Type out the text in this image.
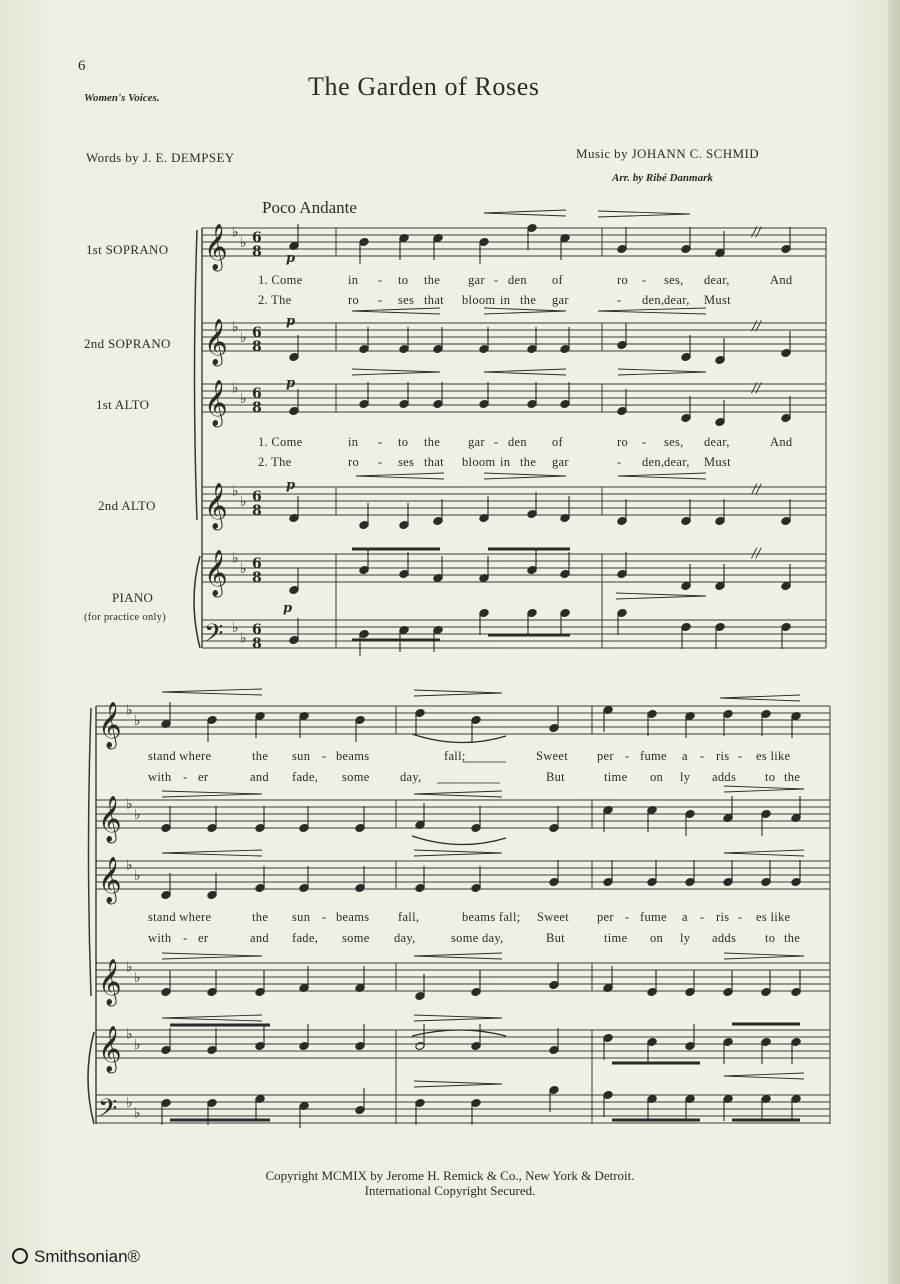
𝄞 ♭
♭ 6
8
𝄞 ♭
♭ 6
8
𝄞 ♭
♭ 6
8
𝄞 ♭
♭ 6
8
𝄞 ♭
♭ 6
8
𝄢 ♭
♭
6
8
p
p
p
p
p
//
//
//
//
//
𝄞 ♭
♭
𝄞 ♭
♭
𝄞 ♭
♭
𝄞 ♭
♭
𝄞 ♭
♭
𝄢 ♭
♭
6
Women's Voices.	The Garden of Roses
Words by J. E. DEMPSEY	Music by JOHANN C. SCHMID
Arr. by Ribé Danmark
Poco Andante
1st SOPRANO
2nd SOPRANO
1st ALTO
2nd ALTO
PIANO
(for practice only)
1. Come	in - to the gar - den of	ro - ses, dear,	And
2. The	ro - ses that bloom in the gar	- den, dear, Must
1. Come	in - to the gar - den of	ro - ses, dear,	And
2. The	ro - ses that bloom in the gar	- den, dear, Must
stand where	the sun - beams	fall;	Sweet per - fume a - ris - es like
with - er	and fade, some day,	But	time on ly adds to the
stand where	the sun - beams fall,	beams fall; Sweet per - fume a - ris - es like
with - er	and fade, some day,	some day,	But	time on ly adds to the
Copyright MCMIX by Jerome H. Remick & Co., New York & Detroit.
International Copyright Secured.
Smithsonian®
